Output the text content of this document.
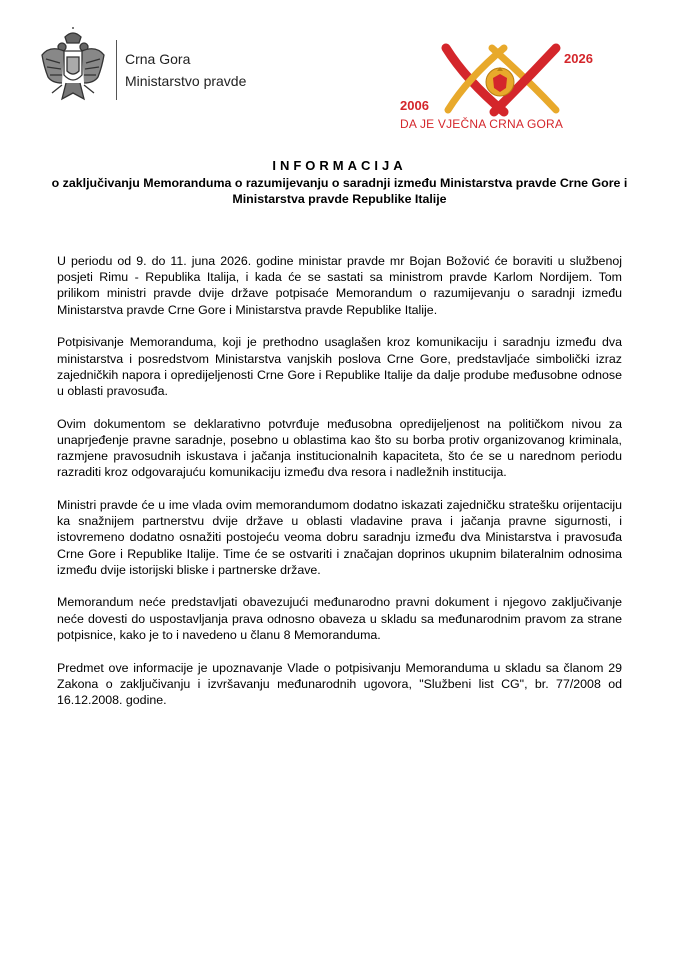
Crna Gora
Ministarstvo pravde
2026
2006
DA JE VJEČNA CRNA GORA
INFORMACIJA
o zaključivanju Memoranduma o razumijevanju o saradnji između Ministarstva pravde Crne Gore i Ministarstva pravde Republike Italije

U periodu od 9. do 11. juna 2026. godine ministar pravde mr Bojan Božović će boraviti u službenoj posjeti Rimu - Republika Italija, i kada će se sastati sa ministrom pravde Karlom Nordijem. Tom prilikom ministri pravde dvije države potpisaće Memorandum o razumijevanju o saradnji između Ministarstva pravde Crne Gore i Ministarstva pravde Republike Italije.

Potpisivanje Memoranduma, koji je prethodno usaglašen kroz komunikaciju i saradnju između dva ministarstva i posredstvom Ministarstva vanjskih poslova Crne Gore, predstavljaće simbolički izraz zajedničkih napora i opredijeljenosti Crne Gore i Republike Italije da dalje prodube međusobne odnose u oblasti pravosuđa.

Ovim dokumentom se deklarativno potvrđuje međusobna opredijeljenost na političkom nivou za unaprjeđenje pravne saradnje, posebno u oblastima kao što su borba protiv organizovanog kriminala, razmjene pravosudnih iskustava i jačanja institucionalnih kapaciteta, što će se u narednom periodu razraditi kroz odgovarajuću komunikaciju između dva resora i nadležnih institucija.

Ministri pravde će u ime vlada ovim memorandumom dodatno iskazati zajedničku stratešku orijentaciju ka snažnijem partnerstvu dvije države u oblasti vladavine prava i jačanja pravne sigurnosti, i istovremeno dodatno osnažiti postojeću veoma dobru saradnju između dva Ministarstva i pravosuđa Crne Gore i Republike Italije. Time će se ostvariti i značajan doprinos ukupnim bilateralnim odnosima između dvije istorijski bliske i partnerske države.

Memorandum neće predstavljati obavezujući međunarodno pravni dokument i njegovo zaključivanje neće dovesti do uspostavljanja prava odnosno obaveza u skladu sa međunarodnim pravom za strane potpisnice, kako je to i navedeno u članu 8 Memoranduma.

Predmet ove informacije je upoznavanje Vlade o potpisivanju Memoranduma u skladu sa članom 29 Zakona o zaključivanju i izvršavanju međunarodnih ugovora, "Službeni list CG", br. 77/2008 od 16.12.2008. godine.
